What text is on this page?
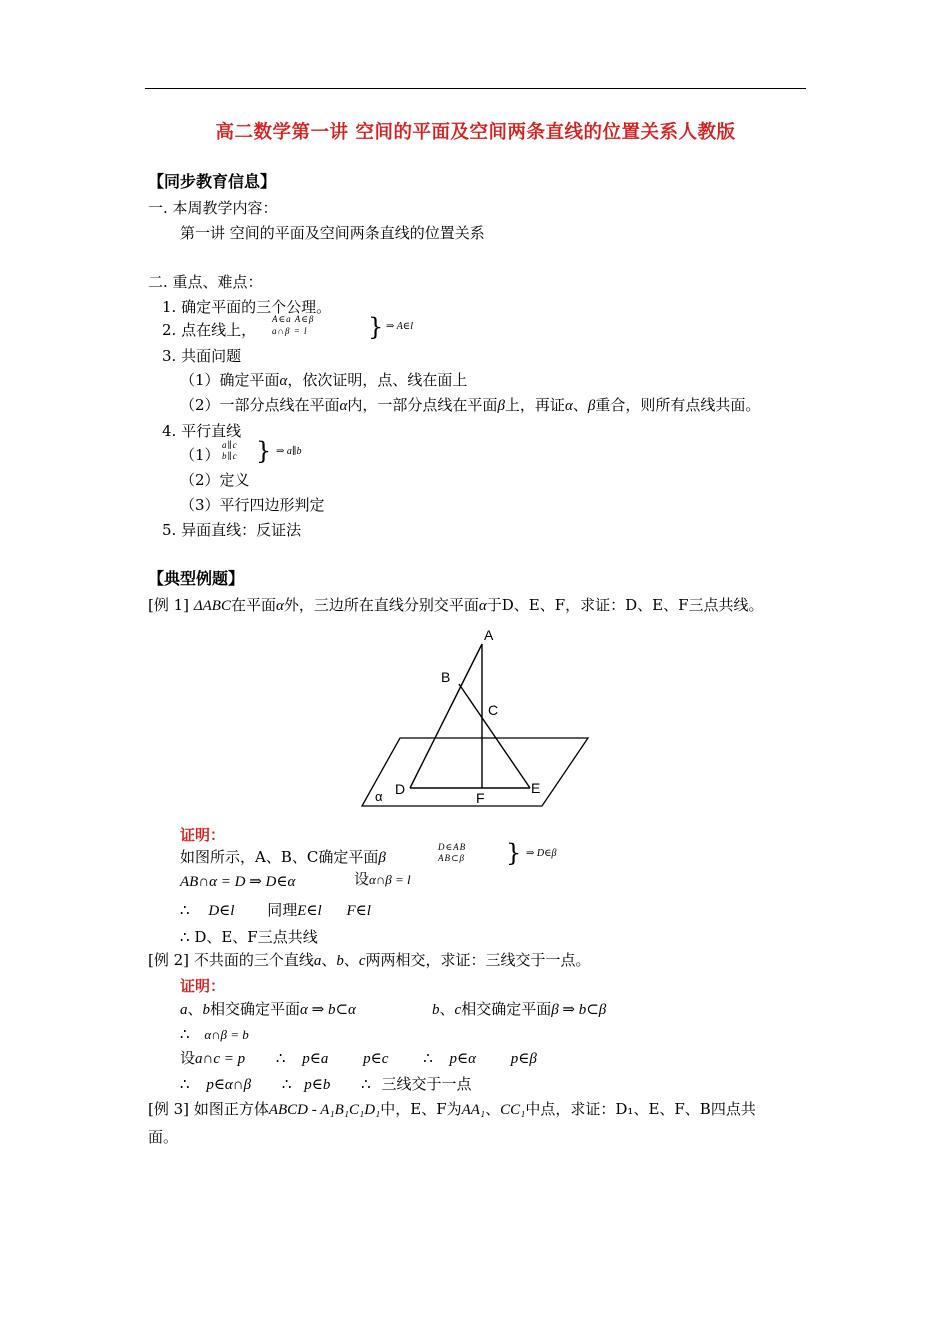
高二数学第一讲 空间的平面及空间两条直线的位置关系人教版
【同步教育信息】
一. 本周教学内容：
第一讲 空间的平面及空间两条直线的位置关系
二. 重点、难点：
1. 确定平面的三个公理。
2. 点在线上，
A∈a A∈β
a∩β = l	} ⇒ A∈l
3. 共面问题
（1）确定平面α，依次证明，点、线在面上
（2）一部分点线在平面α内，一部分点线在平面β上，再证α、β重合，则所有点线共面。
4. 平行直线
（1）
a∥c
b∥c } ⇒ a∥b
（2）定义
（3）平行四边形判定
5. 异面直线：反证法
【典型例题】
[例 1] ΔABC在平面α外，三边所在直线分别交平面α于D、E、F，求证：D、E、F三点共线。
A
B
C
D
F
E
α
证明：
如图所示，A、B、C确定平面β
D∈AB
AB⊂β } ⇒ D∈β
AB∩α = D ⇒ D∈α	设α∩β = l
∴ D∈l 同理E∈l F∈l
∴ D、E、F三点共线
[例 2] 不共面的三个直线a、b、c两两相交，求证：三线交于一点。
证明：
a、b相交确定平面α ⇒ b⊂α	b、c相交确定平面β ⇒ b⊂β
∴ α∩β = b
设a∩c = p ∴ p∈a p∈c ∴ p∈α p∈β
∴ p∈α∩β ∴ p∈b ∴ 三线交于一点
[例 3] 如图正方体ABCD - A₁B₁C₁D₁中，E、F为AA₁、CC₁中点，求证：D₁、E、F、B四点共
面。
